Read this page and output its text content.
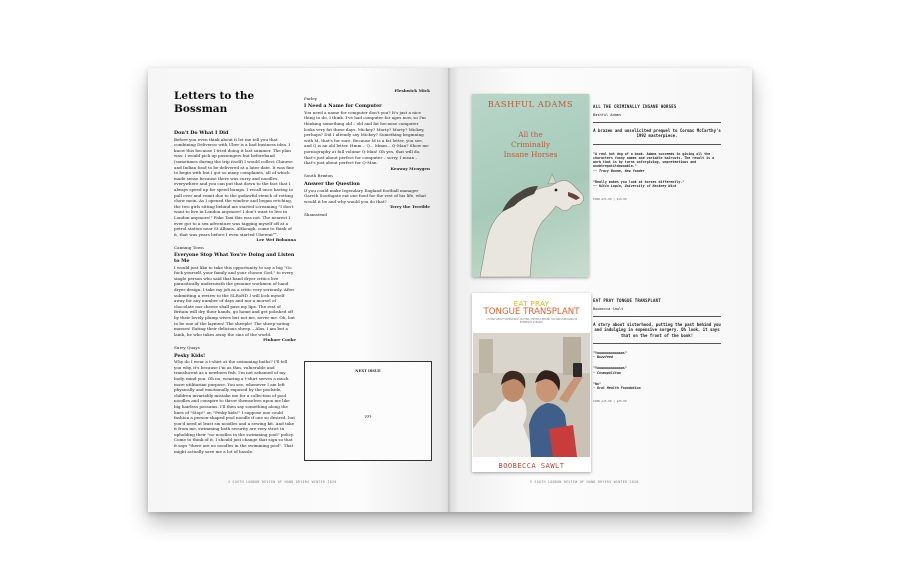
Letters to the Bossman

Don't Do What I Did

Before you even think about it let me tell you that combining Deliveroo with Uber is a bad business idea. I know this because I tried doing it last summer. The plan was: I would pick up passengers but beforehand (sometimes during the trip itself) I would collect Chinese and Indian food to be delivered at a later date. It was fine to begin with but I got so many complaints, all of which made sense because there was curry and noodles everywhere and you can put that down to the fact that I always speed up for speed bumps. I recall once having to pull over and vomit due to the godawful stench of rotting chow mein. As I opened the window and began retching, the two girls sitting behind me started screaming "I don't want to live in London anymore! I don't want to live in London anymore!" Fake Taxi this was not. The nearest I ever got to a sex adventure was tagging myself off at a petrol station near St Albans. Although, come to think of it, that was years before I even started Ubereat™.

Lee Wei Bobanna

Canning Town

Everyone Stop What You're Doing and Listen to Me

I would just like to take this opportunity to say a big "Go fuck yourself, your family and your chosen God," to every single person who said that hand dryer critics live parasitically underneath the genuine workmen of hand dryer design. I take my job as a critic very seriously. After submitting a review to the SLRoHD I will lock myself away for any number of days and nor a morsel of chocolate nor cheese shall pass my lips. The rest of Britain will dry their hands, go home and get polished off by their lovely plump wives but not me, never me. Oh, but to be one of the laymen! The sheeple! The sheep-eating masses! Eating their delicious sheep... Alas, I am but a lamb, he who takes away the sins of the world.

Finbarr Cooke

Surry Quays

Pesky Kids!

Why do I wear a t-shirt at the swimming baths? I'll tell you why, it's because I'm as thin, vulnerable and translucent as a newborn fish. I'm not ashamed of my body, mind you. Oh no, wearing a t-shirt serves a much more utilitarian purpose. You see, whenever I am left physically and emotionally exposed by the poolside, children invariably mistake me for a collection of pool noodles and conspire to throw themselves upon me like big hairless possums. I'll then say something along the lines of "Stop!" or, "Pesky kids!" I suppose one could fashion a person-shaped pool noodle if one so desired, but you'd need at least six noodles and a sewing kit. And take it from me, swimming bath security are very strict in upholding their "no noodles in the swimming pool" policy. Come to think of it, I should just change that sign so that it says "there are no noodles in the swimming pool". That might actually save me a lot of hassle.

Fleshwick Mick

Parley

I Need a Name for Computer

You need a name for computer don't you? It's just a nice thing to do, I think. I've had computer for ages now, so I'm thinking something old – old and fat because computer looks very fat these days. Mickey? Morty? Morty? Mickey, perhaps? Did I already say Mickey? Something beginning with M, that's for sure. Because M is a fat letter, you see, and Q is an old letter. Hmm... Q... Mmm... Q-Man? Show me pornography at full volume Q-Man! Oh yes, that will do, that's just about perfect for computer – sorry, I mean – that's just about perfect for Q-Man.

Keaway Mcnygen

South Brixton

Answer the Question

If you could make legendary England football manager Gareth Southgate eat one food for the rest of his life, what would it be and why would you do that?

Terry the Terrible

Shamstead

NEXT ISSUE
???
4 SOUTH LONDON REVIEW OF HAND DRYERS WINTER 2020
BASHFUL ADAMS
All the
Criminally
Insane Horses

ALL THE CRIMINALLY INSANE HORSES

Bashful Adams

A brazen and unsolicited prequel to Cormac McCarthy's 1992 masterpiece.

"A real hot dog of a book. Adams succeeds in giving all the characters funny names and variable haircuts. The result is a work that is by turns unforgiving, unpretentious and unobtrepotitdownable."
-- Tracy Bonne, New Yonder

"Really makes you look at horses differently."
-- Nitin Lupin, University of Hackney Wick

ISBN £13.00 | $15.00

EAT PRAY
TONGUE TRANSPLANT
A STORY ABOUT SISTERHOOD, PUTTING THE PAST BEHIND YOU AND INDULGING IN EXPENSIVE SURGERY
BOOBECCA SAWLT

EAT PRAY TONGUE TRANSPLANT

Boobecca Sawlt

A story about sisterhood, putting the past behind you and indulging in expensive surgery. Oh look, it says that on the front of the book!

"Yaaaaaaaaaaaaas"
- Buzzfeed

"Yaaaaaaaaaaaaas"
- Cosmopolitan

"No"
- Oral Health Foundation

ISBN £15.00 | $25.00

5 SOUTH LONDON REVIEW OF HAND DRYERS WINTER 2020
